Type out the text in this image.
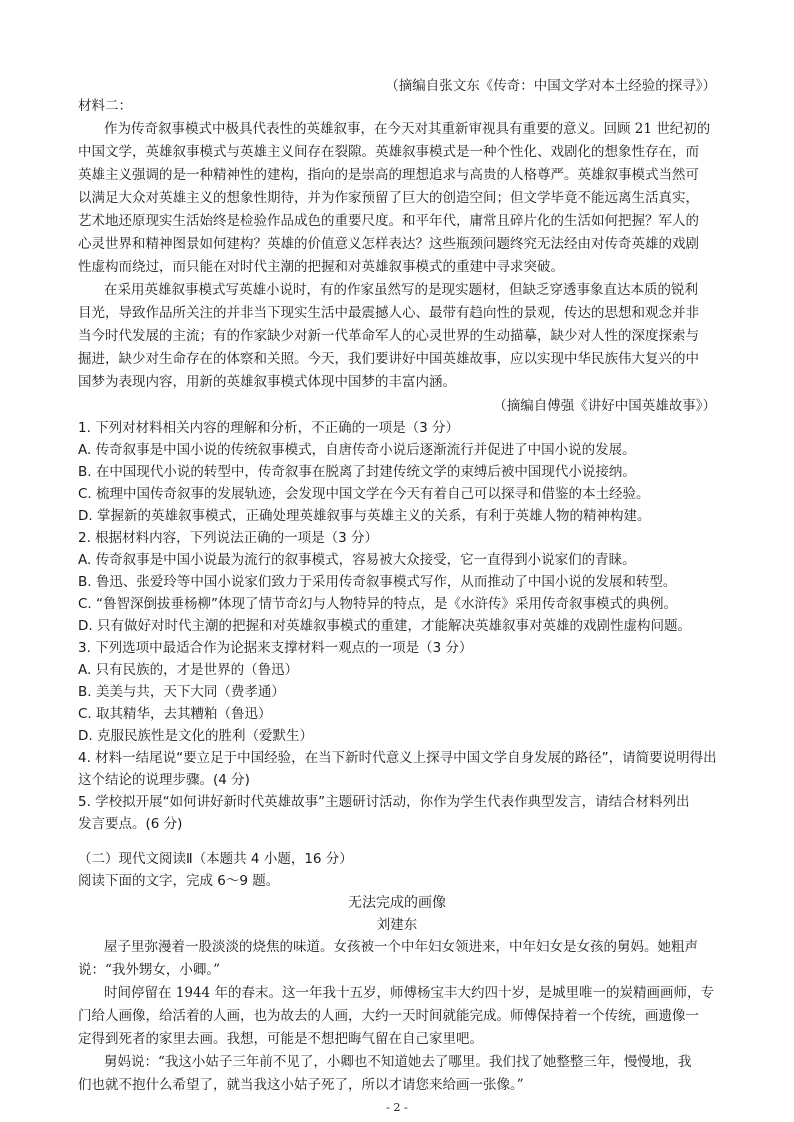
（摘编自张文东《传奇：中国文学对本土经验的探寻》）
材料二：
作为传奇叙事模式中极具代表性的英雄叙事，在今天对其重新审视具有重要的意义。回顾 21 世纪初的
中国文学，英雄叙事模式与英雄主义间存在裂隙。英雄叙事模式是一种个性化、戏剧化的想象性存在，而
英雄主义强调的是一种精神性的建构，指向的是崇高的理想追求与高贵的人格尊严。英雄叙事模式当然可
以满足大众对英雄主义的想象性期待，并为作家预留了巨大的创造空间；但文学毕竟不能远离生活真实，
艺术地还原现实生活始终是检验作品成色的重要尺度。和平年代，庸常且碎片化的生活如何把握？军人的
心灵世界和精神图景如何建构？英雄的价值意义怎样表达？这些瓶颈问题终究无法经由对传奇英雄的戏剧
性虚构而绕过，而只能在对时代主潮的把握和对英雄叙事模式的重建中寻求突破。
在采用英雄叙事模式写英雄小说时，有的作家虽然写的是现实题材，但缺乏穿透事象直达本质的锐利
目光，导致作品所关注的并非当下现实生活中最震撼人心、最带有趋向性的景观，传达的思想和观念并非
当今时代发展的主流；有的作家缺少对新一代革命军人的心灵世界的生动描摹，缺少对人性的深度探索与
掘进，缺少对生命存在的体察和关照。今天，我们要讲好中国英雄故事，应以实现中华民族伟大复兴的中
国梦为表现内容，用新的英雄叙事模式体现中国梦的丰富内涵。
（摘编自傅强《讲好中国英雄故事》）
1. 下列对材料相关内容的理解和分析，不正确的一项是（3 分）
A. 传奇叙事是中国小说的传统叙事模式，自唐传奇小说后逐渐流行并促进了中国小说的发展。
B. 在中国现代小说的转型中，传奇叙事在脱离了封建传统文学的束缚后被中国现代小说接纳。
C. 梳理中国传奇叙事的发展轨迹，会发现中国文学在今天有着自己可以探寻和借鉴的本土经验。
D. 掌握新的英雄叙事模式，正确处理英雄叙事与英雄主义的关系，有利于英雄人物的精神构建。
2. 根据材料内容，下列说法正确的一项是（3 分）
A. 传奇叙事是中国小说最为流行的叙事模式，容易被大众接受，它一直得到小说家们的青睐。
B. 鲁迅、张爱玲等中国小说家们致力于采用传奇叙事模式写作，从而推动了中国小说的发展和转型。
C. “鲁智深倒拔垂杨柳”体现了情节奇幻与人物特异的特点，是《水浒传》采用传奇叙事模式的典例。
D. 只有做好对时代主潮的把握和对英雄叙事模式的重建，才能解决英雄叙事对英雄的戏剧性虚构问题。
3. 下列选项中最适合作为论据来支撑材料一观点的一项是（3 分）
A. 只有民族的，才是世界的（鲁迅）
B. 美美与共，天下大同（费孝通）
C. 取其精华，去其糟粕（鲁迅）
D. 克服民族性是文化的胜利（爱默生）
4. 材料一结尾说“要立足于中国经验，在当下新时代意义上探寻中国文学自身发展的路径”，请简要说明得出
这个结论的说理步骤。(4 分)
5. 学校拟开展“如何讲好新时代英雄故事”主题研讨活动，你作为学生代表作典型发言，请结合材料列出
发言要点。(6 分)
（二）现代文阅读Ⅱ（本题共 4 小题，16 分）
阅读下面的文字，完成 6～9 题。
无法完成的画像
刘建东
屋子里弥漫着一股淡淡的烧焦的味道。女孩被一个中年妇女领进来，中年妇女是女孩的舅妈。她粗声
说：“我外甥女，小卿。”
时间停留在 1944 年的春末。这一年我十五岁，师傅杨宝丰大约四十岁，是城里唯一的炭精画画师，专
门给人画像，给活着的人画，也为故去的人画，大约一天时间就能完成。师傅保持着一个传统，画遗像一
定得到死者的家里去画。我想，可能是不想把晦气留在自己家里吧。
舅妈说：“我这小姑子三年前不见了，小卿也不知道她去了哪里。我们找了她整整三年，慢慢地，我
们也就不抱什么希望了，就当我这小姑子死了，所以才请您来给画一张像。”
- 2 -
